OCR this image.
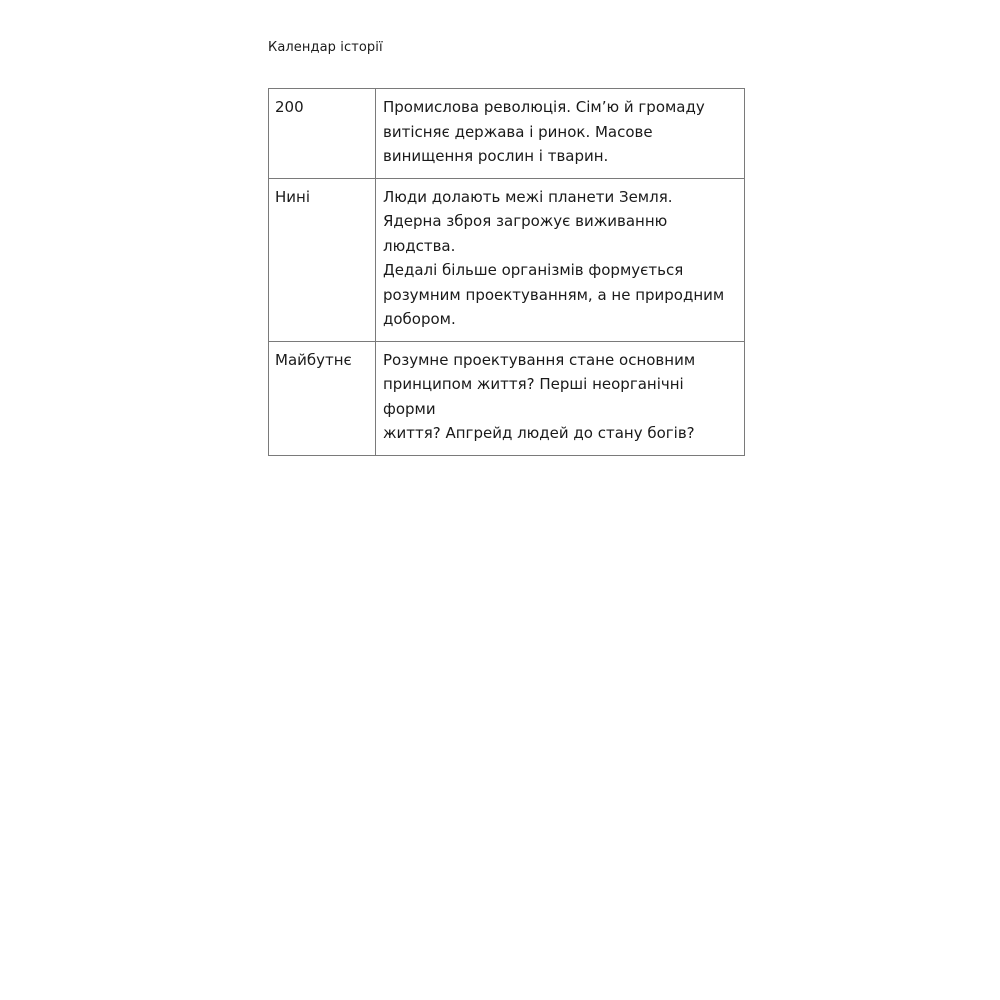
Календар історії
200	Промислова революція. Сім’ю й громаду
витісняє держава і ринок. Масове
винищення рослин і тварин.
Нині	Люди долають межі планети Земля.
Ядерна зброя загрожує виживанню людства.
Дедалі більше організмів формується
розумним проектуванням, а не природним
добором.
Майбутнє	Розумне проектування стане основним
принципом життя? Перші неорганічні форми
життя? Апгрейд людей до стану богів?
